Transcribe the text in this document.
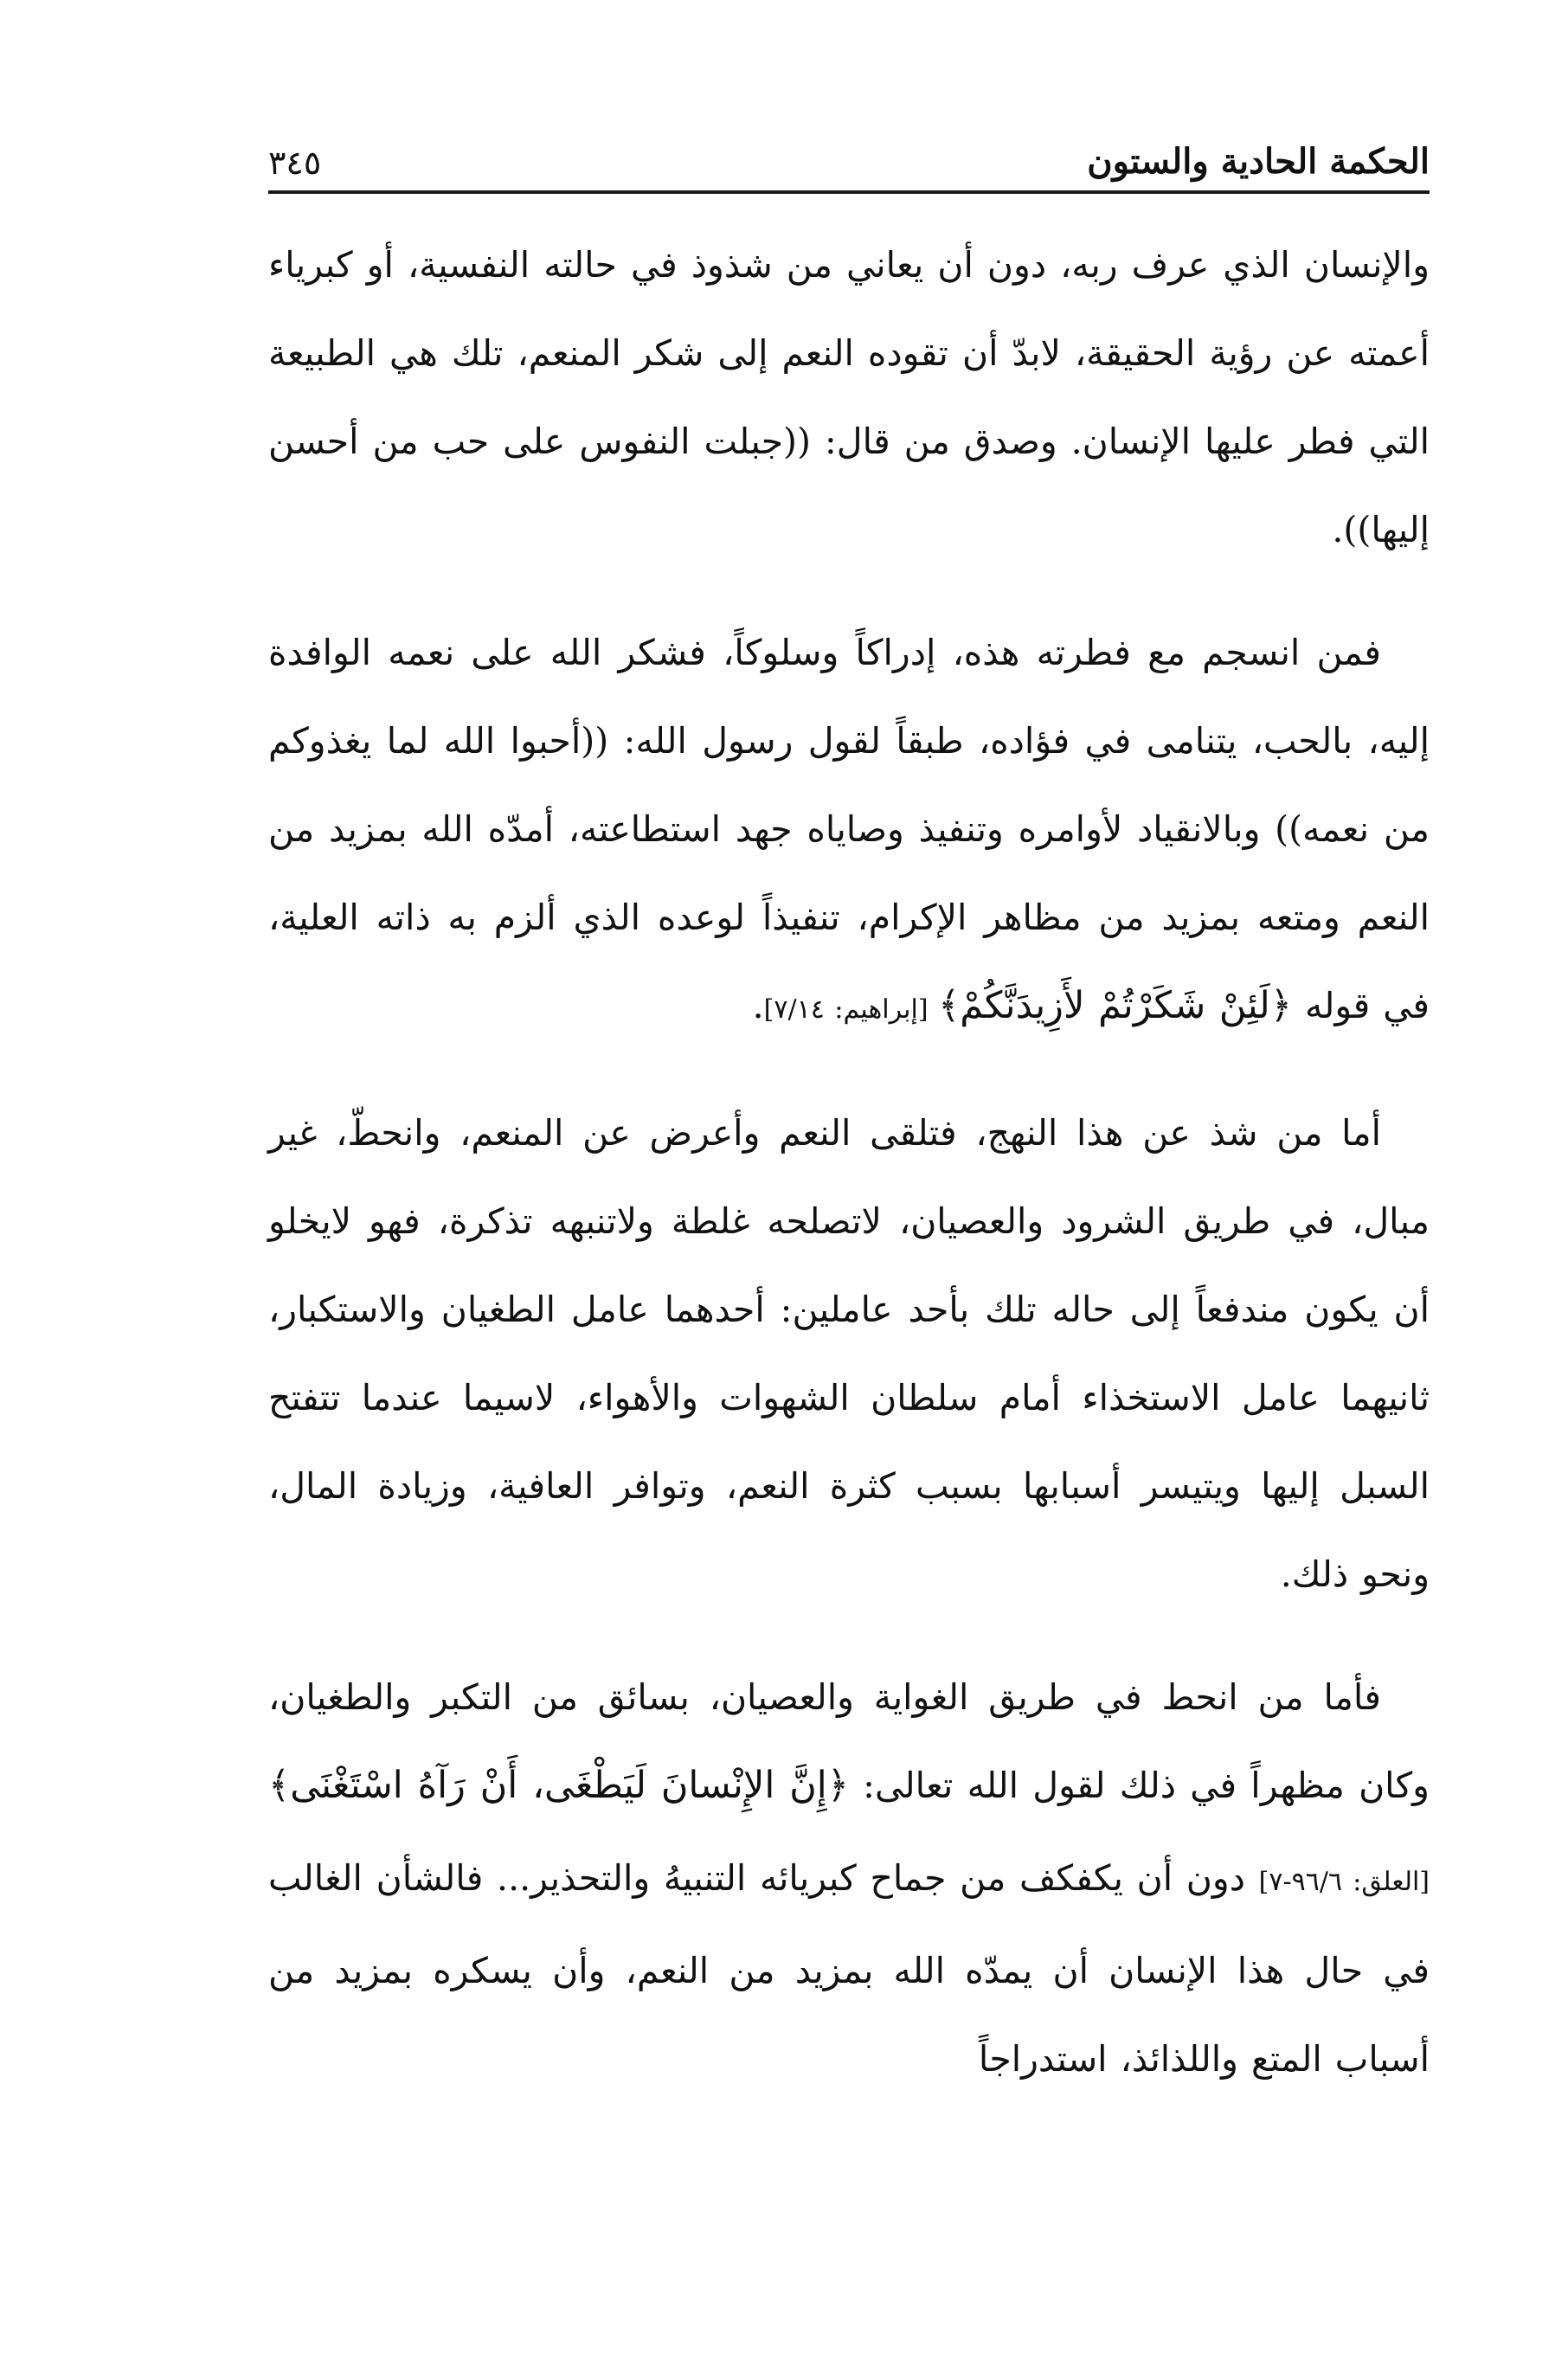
الحكمة الحادية والستون
٣٤٥

والإنسان الذي عرف ربه، دون أن يعاني من شذوذ في حالته النفسية، أو كبرياء أعمته عن رؤية الحقيقة، لابدّ أن تقوده النعم إلى شكر المنعم، تلك هي الطبيعة التي فطر عليها الإنسان. وصدق من قال: ((جبلت النفوس على حب من أحسن إليها)).

فمن انسجم مع فطرته هذه، إدراكاً وسلوكاً، فشكر الله على نعمه الوافدة إليه، بالحب، يتنامى في فؤاده، طبقاً لقول رسول الله: ((أحبوا الله لما يغذوكم من نعمه)) وبالانقياد لأوامره وتنفيذ وصاياه جهد استطاعته، أمدّه الله بمزيد من النعم ومتعه بمزيد من مظاهر الإكرام، تنفيذاً لوعده الذي ألزم به ذاته العلية، في قوله ﴿لَئِنْ شَكَرْتُمْ لأَزِيدَنَّكُمْ﴾ [إبراهيم: ٧/١٤].

أما من شذ عن هذا النهج، فتلقى النعم وأعرض عن المنعم، وانحطّ، غير مبال، في طريق الشرود والعصيان، لاتصلحه غلطة ولاتنبهه تذكرة، فهو لايخلو أن يكون مندفعاً إلى حاله تلك بأحد عاملين: أحدهما عامل الطغيان والاستكبار، ثانيهما عامل الاستخذاء أمام سلطان الشهوات والأهواء، لاسيما عندما تتفتح السبل إليها ويتيسر أسبابها بسبب كثرة النعم، وتوافر العافية، وزيادة المال، ونحو ذلك.

فأما من انحط في طريق الغواية والعصيان، بسائق من التكبر والطغيان، وكان مظهراً في ذلك لقول الله تعالى: ﴿إِنَّ الإِنْسانَ لَيَطْغَى، أَنْ رَآهُ اسْتَغْنَى﴾ [العلق: ٩٦/٦-٧] دون أن يكفكف من جماح كبريائه التنبيهُ والتحذير... فالشأن الغالب في حال هذا الإنسان أن يمدّه الله بمزيد من النعم، وأن يسكره بمزيد من أسباب المتع واللذائذ، استدراجاً
